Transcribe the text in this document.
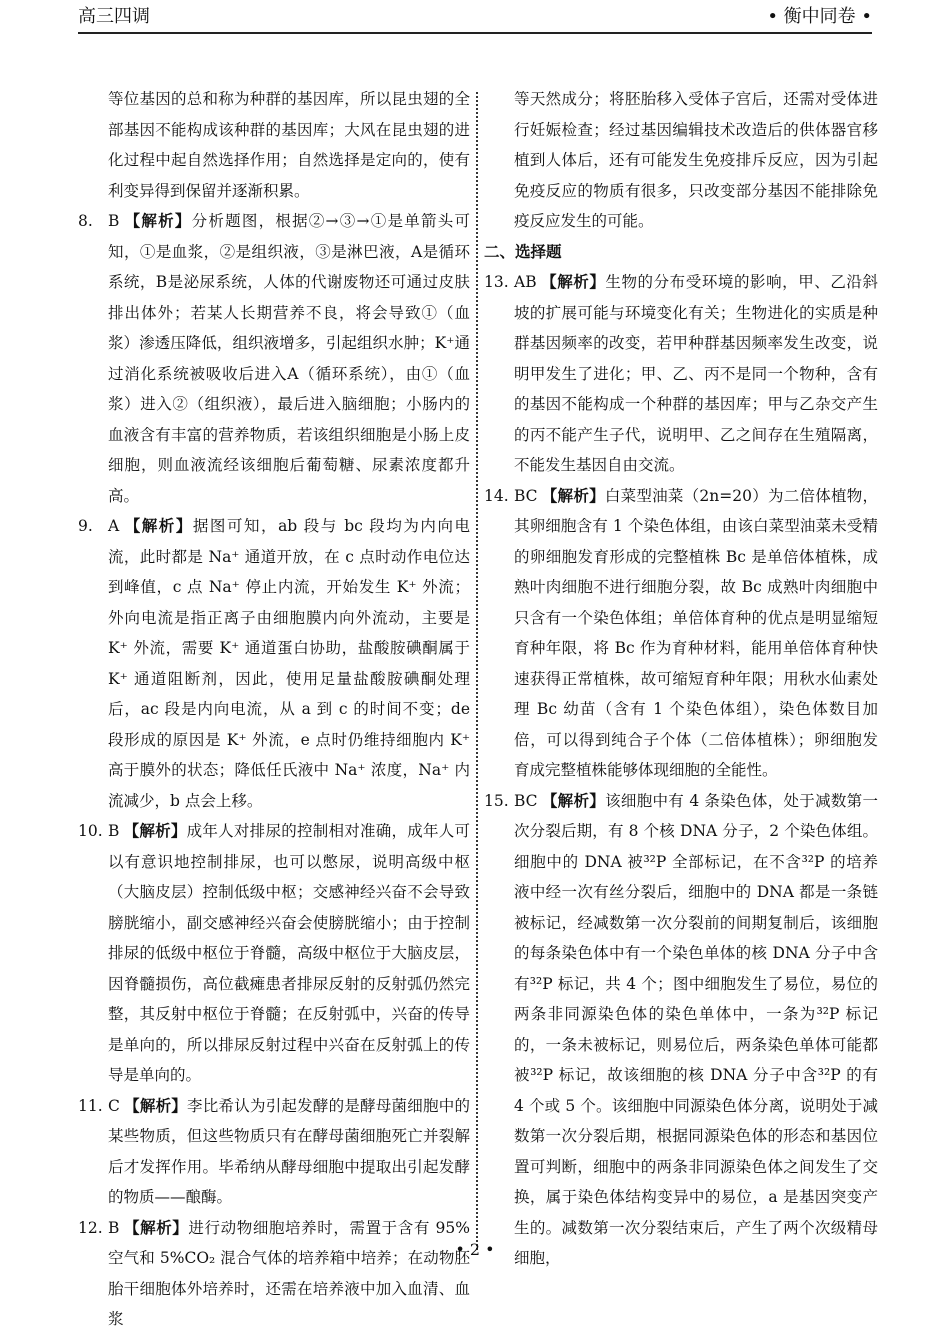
高三四调	• 衡中同卷 •

等位基因的总和称为种群的基因库，所以昆虫翅的全部基因不能构成该种群的基因库；大风在昆虫翅的进化过程中起自然选择作用；自然选择是定向的，使有利变异得到保留并逐渐积累。

8. B 【解析】分析题图，根据②→③→①是单箭头可知，①是血浆，②是组织液，③是淋巴液，A是循环系统，B是泌尿系统，人体的代谢废物还可通过皮肤排出体外；若某人长期营养不良，将会导致①（血浆）渗透压降低，组织液增多，引起组织水肿；K⁺通过消化系统被吸收后进入A（循环系统），由①（血浆）进入②（组织液），最后进入脑细胞；小肠内的血液含有丰富的营养物质，若该组织细胞是小肠上皮细胞，则血液流经该细胞后葡萄糖、尿素浓度都升高。
9. A 【解析】据图可知，ab 段与 bc 段均为内向电流，此时都是 Na⁺ 通道开放，在 c 点时动作电位达到峰值，c 点 Na⁺ 停止内流，开始发生 K⁺ 外流；外向电流是指正离子由细胞膜内向外流动，主要是 K⁺ 外流，需要 K⁺ 通道蛋白协助，盐酸胺碘酮属于 K⁺ 通道阻断剂，因此，使用足量盐酸胺碘酮处理后，ac 段是内向电流，从 a 到 c 的时间不变；de 段形成的原因是 K⁺ 外流，e 点时仍维持细胞内 K⁺ 高于膜外的状态；降低任氏液中 Na⁺ 浓度，Na⁺ 内流减少，b 点会上移。
10. B 【解析】成年人对排尿的控制相对准确，成年人可以有意识地控制排尿，也可以憋尿，说明高级中枢（大脑皮层）控制低级中枢；交感神经兴奋不会导致膀胱缩小，副交感神经兴奋会使膀胱缩小；由于控制排尿的低级中枢位于脊髓，高级中枢位于大脑皮层，因脊髓损伤，高位截瘫患者排尿反射的反射弧仍然完整，其反射中枢位于脊髓；在反射弧中，兴奋的传导是单向的，所以排尿反射过程中兴奋在反射弧上的传导是单向的。
11. C 【解析】李比希认为引起发酵的是酵母菌细胞中的某些物质，但这些物质只有在酵母菌细胞死亡并裂解后才发挥作用。毕希纳从酵母细胞中提取出引起发酵的物质——酿酶。
12. B 【解析】进行动物细胞培养时，需置于含有 95%空气和 5%CO₂ 混合气体的培养箱中培养；在动物胚胎干细胞体外培养时，还需在培养液中加入血清、血浆

等天然成分；将胚胎移入受体子宫后，还需对受体进行妊娠检查；经过基因编辑技术改造后的供体器官移植到人体后，还有可能发生免疫排斥反应，因为引起免疫反应的物质有很多，只改变部分基因不能排除免疫反应发生的可能。

二、选择题

13. AB 【解析】生物的分布受环境的影响，甲、乙沿斜坡的扩展可能与环境变化有关；生物进化的实质是种群基因频率的改变，若甲种群基因频率发生改变，说明甲发生了进化；甲、乙、丙不是同一个物种，含有的基因不能构成一个种群的基因库；甲与乙杂交产生的丙不能产生子代，说明甲、乙之间存在生殖隔离，不能发生基因自由交流。
14. BC 【解析】白菜型油菜（2n=20）为二倍体植物，其卵细胞含有 1 个染色体组，由该白菜型油菜未受精的卵细胞发育形成的完整植株 Bc 是单倍体植株，成熟叶肉细胞不进行细胞分裂，故 Bc 成熟叶肉细胞中只含有一个染色体组；单倍体育种的优点是明显缩短育种年限，将 Bc 作为育种材料，能用单倍体育种快速获得正常植株，故可缩短育种年限；用秋水仙素处理 Bc 幼苗（含有 1 个染色体组），染色体数目加倍，可以得到纯合子个体（二倍体植株）；卵细胞发育成完整植株能够体现细胞的全能性。
15. BC 【解析】该细胞中有 4 条染色体，处于减数第一次分裂后期，有 8 个核 DNA 分子，2 个染色体组。细胞中的 DNA 被³²P 全部标记，在不含³²P 的培养液中经一次有丝分裂后，细胞中的 DNA 都是一条链被标记，经减数第一次分裂前的间期复制后，该细胞的每条染色体中有一个染色单体的核 DNA 分子中含有³²P 标记，共 4 个；图中细胞发生了易位，易位的两条非同源染色体的染色单体中，一条为³²P 标记的，一条未被标记，则易位后，两条染色单体可能都被³²P 标记，故该细胞的核 DNA 分子中含³²P 的有 4 个或 5 个。该细胞中同源染色体分离，说明处于减数第一次分裂后期，根据同源染色体的形态和基因位置可判断，细胞中的两条非同源染色体之间发生了交换，属于染色体结构变异中的易位，a 是基因突变产生的。减数第一次分裂结束后，产生了两个次级精母细胞，
• 2 •
